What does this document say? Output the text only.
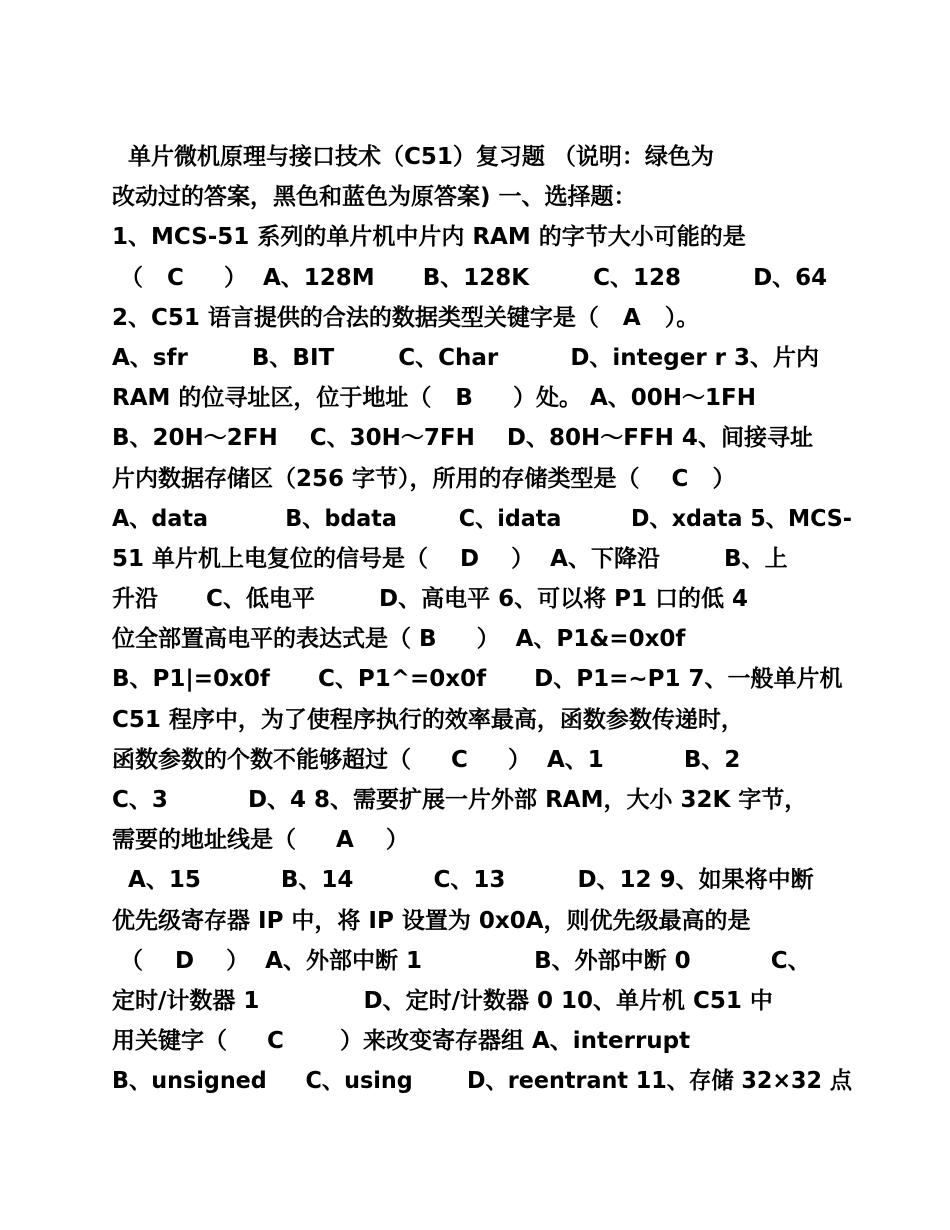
单片微机原理与接口技术（C51）复习题 （说明：绿色为
改动过的答案，黑色和蓝色为原答案) 一、选择题：
1、MCS-51 系列的单片机中片内 RAM 的字节大小可能的是
（   C     ）  A、128M      B、128K        C、128         D、64
2、C51 语言提供的合法的数据类型关键字是（   A   ）。
A、sfr        B、BIT        C、Char         D、integer r 3、片内
RAM 的位寻址区，位于地址（   B     ）处。 A、00H～1FH
B、20H～2FH    C、30H～7FH    D、80H～FFH 4、间接寻址
片内数据存储区（256 字节），所用的存储类型是（    C   ）
A、data          B、bdata        C、idata         D、xdata 5、MCS-
51 单片机上电复位的信号是（    D    ）  A、下降沿        B、上
升沿      C、低电平        D、高电平 6、可以将 P1 口的低 4
位全部置高电平的表达式是（ B     ）  A、P1&=0x0f
B、P1|=0x0f      C、P1^=0x0f      D、P1=~P1 7、一般单片机
C51 程序中，为了使程序执行的效率最高，函数参数传递时，
函数参数的个数不能够超过（     C     ）  A、1          B、2
C、3          D、4 8、需要扩展一片外部 RAM，大小 32K 字节，
需要的地址线是（     A    ）
A、15          B、14          C、13         D、12 9、如果将中断
优先级寄存器 IP 中，将 IP 设置为 0x0A，则优先级最高的是
（    D    ）  A、外部中断 1              B、外部中断 0          C、
定时/计数器 1             D、定时/计数器 0 10、单片机 C51 中
用关键字（     C       ）来改变寄存器组 A、interrupt
B、unsigned     C、using       D、reentrant 11、存储 32×32 点
